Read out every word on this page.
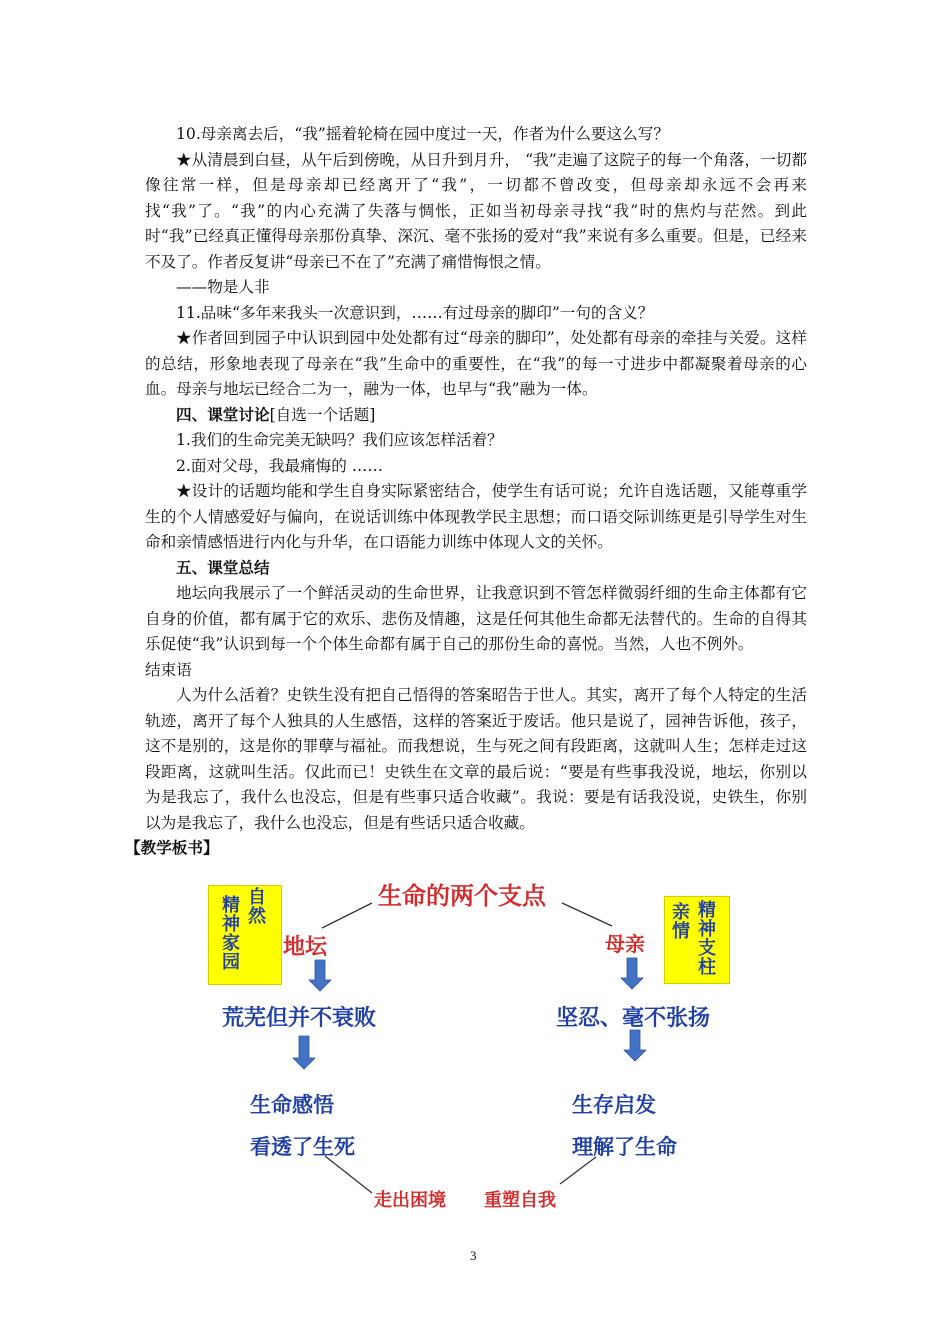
10.母亲离去后，“我”摇着轮椅在园中度过一天，作者为什么要这么写？

★从清晨到白昼，从午后到傍晚，从日升到月升， “我”走遍了这院子的每一个角落，一切都像往常一样，但是母亲却已经离开了“我”，一切都不曾改变，但母亲却永远不会再来找“我”了。“我”的内心充满了失落与惆怅，正如当初母亲寻找“我”时的焦灼与茫然。到此时“我”已经真正懂得母亲那份真挚、深沉、毫不张扬的爱对“我”来说有多么重要。但是，已经来不及了。作者反复讲“母亲已不在了”充满了痛惜悔恨之情。

——物是人非

11.品味“多年来我头一次意识到，……有过母亲的脚印”一句的含义？

★作者回到园子中认识到园中处处都有过“母亲的脚印”，处处都有母亲的牵挂与关爱。这样的总结，形象地表现了母亲在“我”生命中的重要性，在“我”的每一寸进步中都凝聚着母亲的心血。母亲与地坛已经合二为一，融为一体，也早与“我”融为一体。

四、课堂讨论[自选一个话题]

1.我们的生命完美无缺吗？我们应该怎样活着？

2.面对父母，我最痛悔的 ……

★设计的话题均能和学生自身实际紧密结合，使学生有话可说；允许自选话题，又能尊重学生的个人情感爱好与偏向，在说话训练中体现教学民主思想；而口语交际训练更是引导学生对生命和亲情感悟进行内化与升华，在口语能力训练中体现人文的关怀。

五、课堂总结

地坛向我展示了一个鲜活灵动的生命世界，让我意识到不管怎样微弱纤细的生命主体都有它自身的价值，都有属于它的欢乐、悲伤及情趣，这是任何其他生命都无法替代的。生命的自得其乐促使“我”认识到每一个个体生命都有属于自己的那份生命的喜悦。当然，人也不例外。

结束语

人为什么活着？史铁生没有把自己悟得的答案昭告于世人。其实，离开了每个人特定的生活轨迹，离开了每个人独具的人生感悟，这样的答案近于废话。他只是说了，园神告诉他，孩子，这不是别的，这是你的罪孽与福祉。而我想说，生与死之间有段距离，这就叫人生；怎样走过这段距离，这就叫生活。仅此而已！史铁生在文章的最后说：“要是有些事我没说，地坛，你别以为是我忘了，我什么也没忘，但是有些事只适合收藏”。我说：要是有话我没说，史铁生，你别以为是我忘了，我什么也没忘，但是有些话只适合收藏。

【教学板书】

生命的两个支点
精神家园
自然
地坛
亲情
精神支柱
母亲
荒芜但并不衰败	坚忍、毫不张扬
生命感悟
看透了生死
生存启发
理解了生命
走出困境 重塑自我
3
